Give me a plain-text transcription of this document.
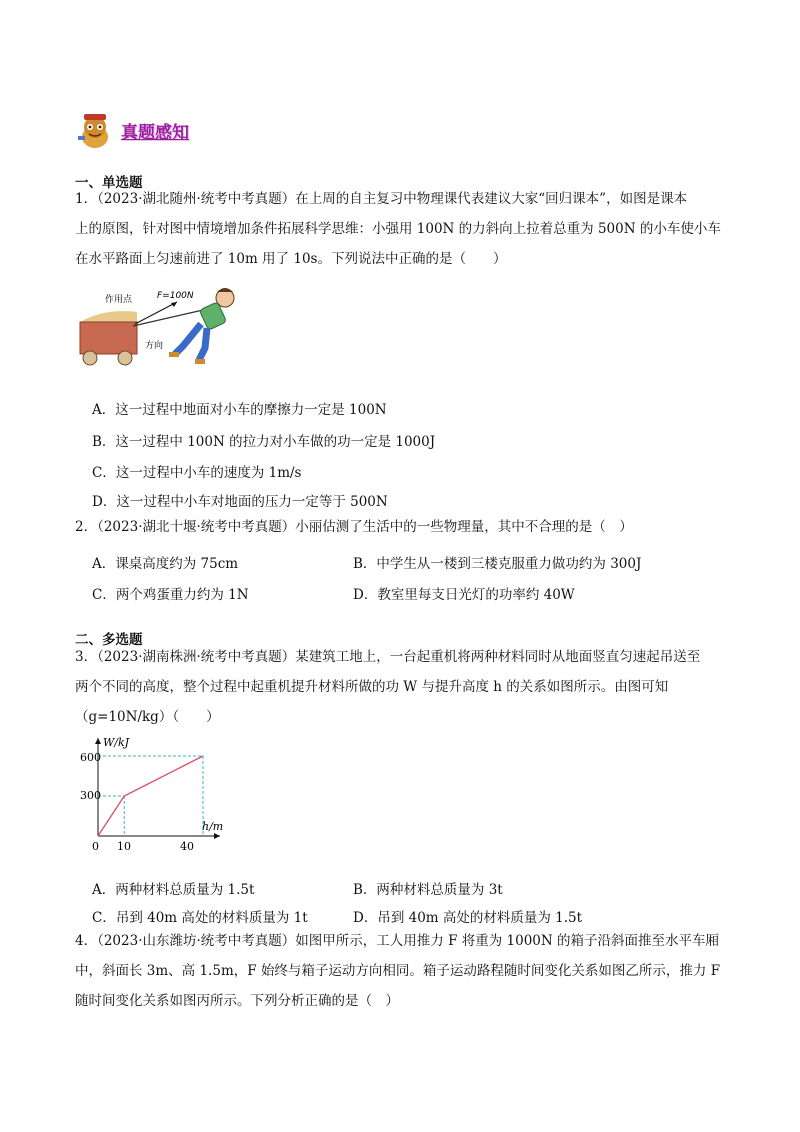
真题感知
一、单选题
1．（2023·湖北随州·统考中考真题）在上周的自主复习中物理课代表建议大家“回归课本”，如图是课本
上的原图，针对图中情境增加条件拓展科学思维：小强用 100N 的力斜向上拉着总重为 500N 的小车使小车
在水平路面上匀速前进了 10m 用了 10s。下列说法中正确的是（　　）
作用点	F=100N
方向
A．这一过程中地面对小车的摩擦力一定是 100N
B．这一过程中 100N 的拉力对小车做的功一定是 1000J
C．这一过程中小车的速度为 1m/s
D．这一过程中小车对地面的压力一定等于 500N
2．（2023·湖北十堰·统考中考真题）小丽估测了生活中的一些物理量，其中不合理的是（　）
A．课桌高度约为 75cm	B．中学生从一楼到三楼克服重力做功约为 300J
C．两个鸡蛋重力约为 1N	D．教室里每支日光灯的功率约 40W
二、多选题
3．（2023·湖南株洲·统考中考真题）某建筑工地上，一台起重机将两种材料同时从地面竖直匀速起吊送至
两个不同的高度，整个过程中起重机提升材料所做的功 W 与提升高度 h 的关系如图所示。由图可知
（g=10N/kg）（　　）
W/kJ
h/m
0
300
600
10	40
A．两种材料总质量为 1.5t	B．两种材料总质量为 3t
C．吊到 40m 高处的材料质量为 1t	D．吊到 40m 高处的材料质量为 1.5t
4．（2023·山东潍坊·统考中考真题）如图甲所示，工人用推力 F 将重为 1000N 的箱子沿斜面推至水平车厢
中，斜面长 3m、高 1.5m，F 始终与箱子运动方向相同。箱子运动路程随时间变化关系如图乙所示，推力 F
随时间变化关系如图丙所示。下列分析正确的是（　）
